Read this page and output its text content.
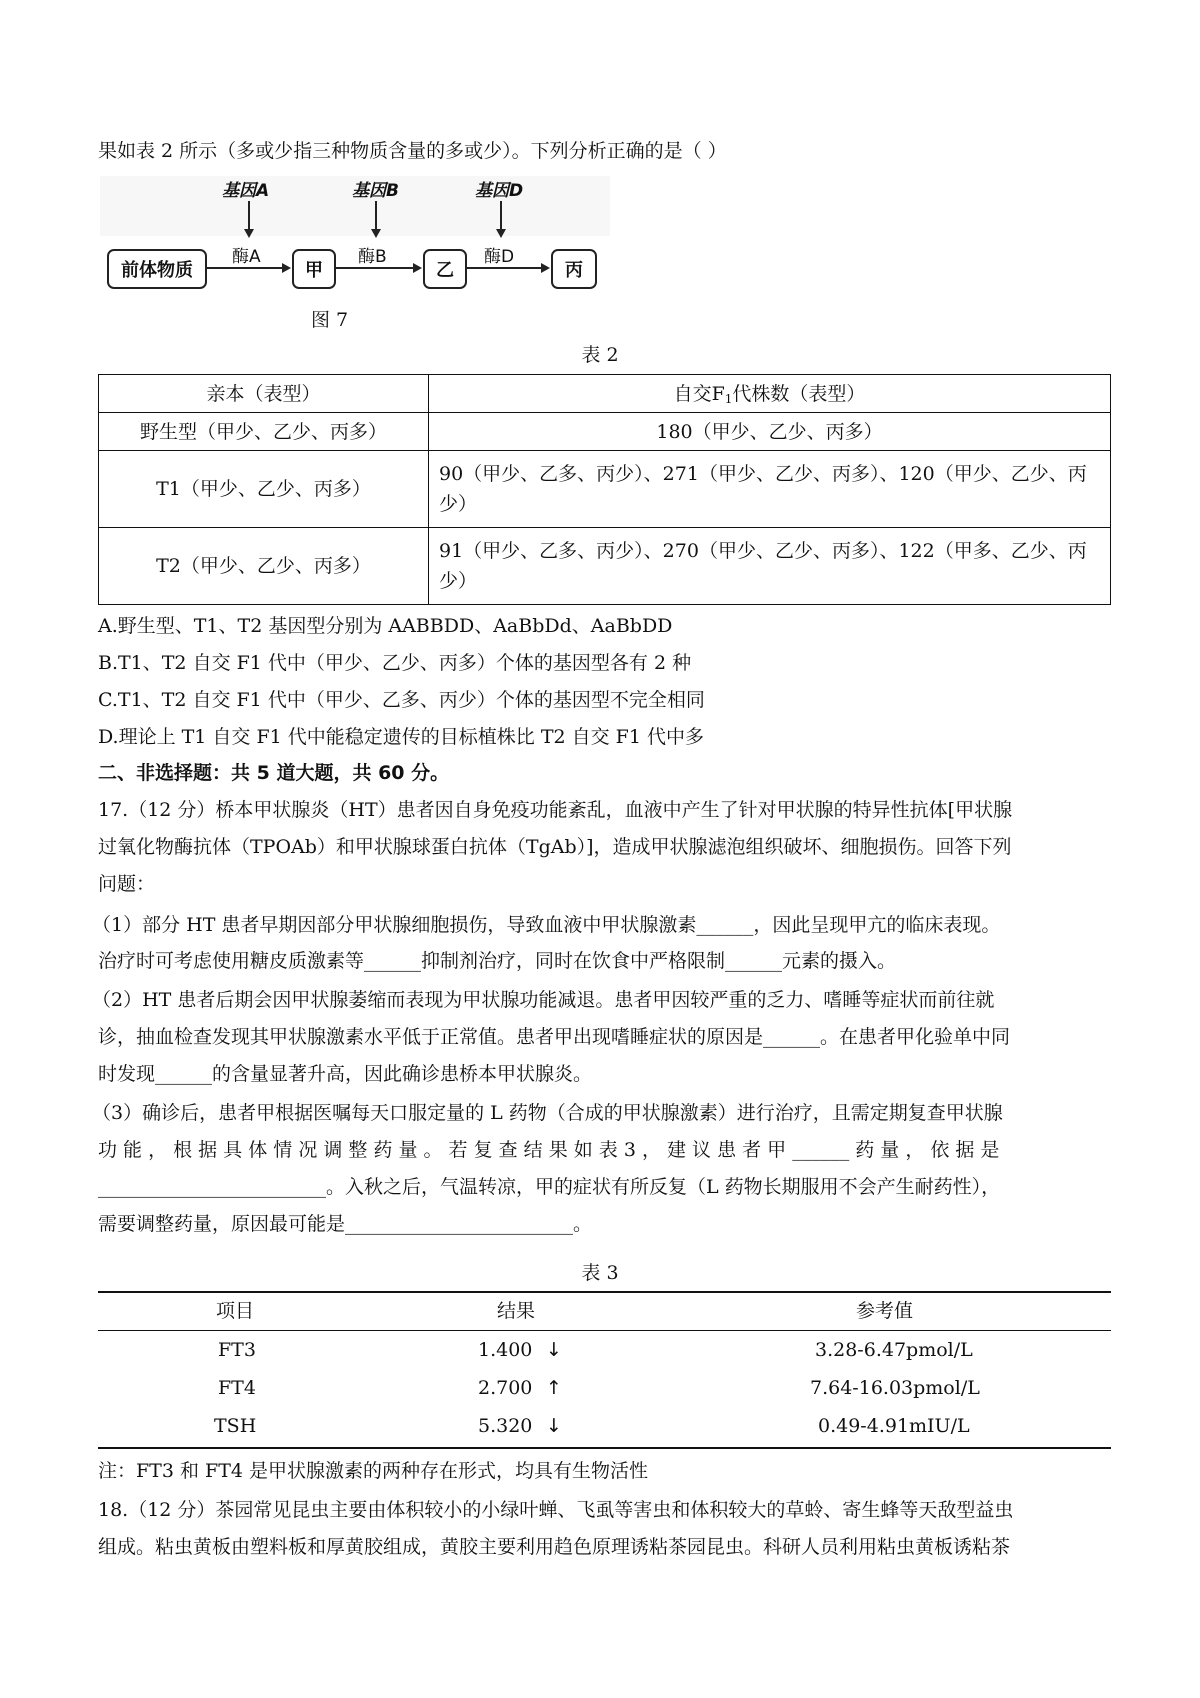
果如表 2 所示（多或少指三种物质含量的多或少）。下列分析正确的是（ ）
基因A	基因B	基因D
酶A	酶B	酶D
前体物质	甲	乙	丙
图 7
表 2
亲本（表型）	自交$F_1$代株数（表型）
野生型（甲少、乙少、丙多）	180（甲少、乙少、丙多）
T1（甲少、乙少、丙多）	90（甲少、乙多、丙少）、271（甲少、乙少、丙多）、120（甲少、乙少、丙少）
T2（甲少、乙少、丙多）	91（甲少、乙多、丙少）、270（甲少、乙少、丙多）、122（甲多、乙少、丙少）
A.野生型、T1、T2 基因型分别为 AABBDD、AaBbDd、AaBbDD
B.T1、T2 自交 F1 代中（甲少、乙少、丙多）个体的基因型各有 2 种
C.T1、T2 自交 F1 代中（甲少、乙多、丙少）个体的基因型不完全相同
D.理论上 T1 自交 F1 代中能稳定遗传的目标植株比 T2 自交 F1 代中多
二、非选择题：共 5 道大题，共 60 分。
17.（12 分）桥本甲状腺炎（HT）患者因自身免疫功能紊乱，血液中产生了针对甲状腺的特异性抗体[甲状腺
过氧化物酶抗体（TPOAb）和甲状腺球蛋白抗体（TgAb）]，造成甲状腺滤泡组织破坏、细胞损伤。回答下列
问题：
（1）部分 HT 患者早期因部分甲状腺细胞损伤，导致血液中甲状腺激素______，因此呈现甲亢的临床表现。
治疗时可考虑使用糖皮质激素等______抑制剂治疗，同时在饮食中严格限制______元素的摄入。
（2）HT 患者后期会因甲状腺萎缩而表现为甲状腺功能减退。患者甲因较严重的乏力、嗜睡等症状而前往就
诊，抽血检查发现其甲状腺激素水平低于正常值。患者甲出现嗜睡症状的原因是______。在患者甲化验单中同
时发现______的含量显著升高，因此确诊患桥本甲状腺炎。
（3）确诊后，患者甲根据医嘱每天口服定量的 L 药物（合成的甲状腺激素）进行治疗，且需定期复查甲状腺
功 能 ， 根 据 具 体 情 况 调 整 药 量 。 若 复 查 结 果 如 表 3 ， 建 议 患 者 甲 ______ 药 量 ， 依 据 是
________________________。入秋之后，气温转凉，甲的症状有所反复（L 药物长期服用不会产生耐药性），
需要调整药量，原因最可能是________________________。
表 3
项目	结果	参考值
FT3	1.400 ↓	3.28-6.47pmol/L
FT4	2.700 ↑	7.64-16.03pmol/L
TSH	5.320 ↓	0.49-4.91mIU/L
注：FT3 和 FT4 是甲状腺激素的两种存在形式，均具有生物活性
18.（12 分）茶园常见昆虫主要由体积较小的小绿叶蝉、飞虱等害虫和体积较大的草蛉、寄生蜂等天敌型益虫
组成。粘虫黄板由塑料板和厚黄胶组成，黄胶主要利用趋色原理诱粘茶园昆虫。科研人员利用粘虫黄板诱粘茶
